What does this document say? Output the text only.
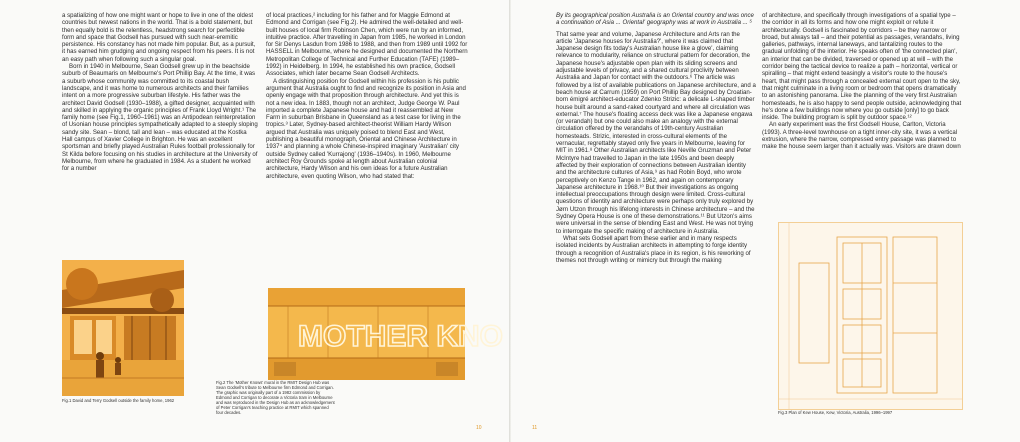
a spatializing of how one might want or hope to live in one of the oldest countries but newest nations in the world. That is a bold statement, but then equally bold is the relentless, headstrong search for perfectible form and space that Godsell has pursued with such near-eremitic persistence. His constancy has not made him popular. But, as a pursuit, it has earned him grudging and ongoing respect from his peers. It is not an easy path when following such a singular goal.

Born in 1940 in Melbourne, Sean Godsell grew up in the beachside suburb of Beaumaris on Melbourne's Port Phillip Bay. At the time, it was a suburb whose community was committed to its coastal bush landscape, and it was home to numerous architects and their families intent on a more progressive suburban lifestyle. His father was the architect David Godsell (1930–1988), a gifted designer, acquainted with and skilled in applying the organic principles of Frank Lloyd Wright.¹ The family home (see Fig.1, 1960–1961) was an Antipodean reinterpretation of Usonian house principles sympathetically adapted to a steeply sloping sandy site. Sean – blond, tall and lean – was educated at the Kostka Hall campus of Xavier College in Brighton. He was an excellent sportsman and briefly played Australian Rules football professionally for St Kilda before focusing on his studies in architecture at the University of Melbourne, from where he graduated in 1984. As a student he worked for a number

of local practices,² including for his father and for Maggie Edmond at Edmond and Corrigan (see Fig.2). He admired the well-detailed and well-built houses of local firm Robinson Chen, which were run by an informed, intuitive practice. After travelling in Japan from 1985, he worked in London for Sir Denys Lasdun from 1986 to 1988, and then from 1989 until 1992 for HASSELL in Melbourne, where he designed and documented the Northern Metropolitan College of Technical and Further Education (TAFE) (1989–1992) in Heidelberg. In 1994, he established his own practice, Godsell Associates, which later became Sean Godsell Architects.

A distinguishing position for Godsell within his profession is his public argument that Australia ought to find and recognize its position in Asia and openly engage with that proposition through architecture. And yet this is not a new idea. In 1883, though not an architect, Judge George W. Paul imported a complete Japanese house and had it reassembled at New Farm in suburban Brisbane in Queensland as a test case for living in the tropics.³ Later, Sydney-based architect-theorist William Hardy Wilson argued that Australia was uniquely poised to blend East and West, publishing a beautiful monograph, Oriental and Chinese Architecture in 1937⁴ and planning a whole Chinese-inspired imaginary 'Australian' city outside Sydney called 'Kurrajong' (1936–1940s). In 1960, Melbourne architect Roy Grounds spoke at length about Australian colonial architecture, Hardy Wilson and his own ideas for a future Australian architecture, even quoting Wilson, who had stated that:

Fig.1 David and Terry Godsell outside the family home, 1962
MOTHER KNO
Fig.2 The 'Mother Knows' mural in the RMIT Design Hub was Sean Godsell's tribute to Melbourne firm Edmond and Corrigan. The graphic was originally part of a 1982 commission by Edmond and Corrigan to decorate a Victoria tram in Melbourne and was reproduced in the Design Hub as an acknowledgement of Peter Corrigan's teaching practice at RMIT which spanned four decades.
10

By its geographical position Australia is an Oriental country and was once a continuation of Asia ... Oriental' geography was at work in Australia ... ⁵

That same year and volume, Japanese Architecture and Arts ran the article 'Japanese houses for Australia?', where it was claimed that Japanese design fits today's Australian house like a glove', claiming relevance to modularity, reliance on structural pattern for decoration, the Japanese house's adjustable open plan with its sliding screens and adjustable levels of privacy, and a shared cultural proclivity between Australia and Japan for contact with the outdoors.⁶ The article was followed by a list of available publications on Japanese architecture, and a beach house at Carrum (1959) on Port Phillip Bay designed by Croatian-born émigré architect-educator Zdenko Strizic: a delicate L-shaped timber house built around a sand-raked courtyard and where all circulation was external.⁷ The house's floating access deck was like a Japanese engawa (or verandah) but one could also make an analogy with the external circulation offered by the verandahs of 19th-century Australian homesteads. Strizic, interested in cross-cultural elements of the vernacular, regrettably stayed only five years in Melbourne, leaving for MIT in 1961.⁸ Other Australian architects like Neville Gruzman and Peter McIntyre had travelled to Japan in the late 1950s and been deeply affected by their exploration of connections between Australian identity and the architecture cultures of Asia,⁹ as had Robin Boyd, who wrote perceptively on Kenzo Tange in 1962, and again on contemporary Japanese architecture in 1968.¹⁰ But their investigations as ongoing intellectual preoccupations through design were limited. Cross-cultural questions of identity and architecture were perhaps only truly explored by Jørn Utzon through his lifelong interests in Chinese architecture – and the Sydney Opera House is one of these demonstrations.¹¹ But Utzon's aims were universal in the sense of blending East and West. He was not trying to interrogate the specific making of architecture in Australia.

What sets Godsell apart from these earlier and in many respects isolated incidents by Australian architects in attempting to forge identity through a recognition of Australia's place in its region, is his reworking of themes not through writing or mimicry but through the making

of architecture, and specifically through investigations of a spatial type – the corridor in all its forms and how one might exploit or refute it architecturally. Godsell is fascinated by corridors – be they narrow or broad, but always tall – and their potential as passages, verandahs, living galleries, pathways, internal laneways, and tantalizing routes to the gradual unfolding of the interior. He speaks often of 'the connected plan', an interior that can be divided, traversed or opened up at will – with the corridor being the tactical device to realize a path – horizontal, vertical or spiralling – that might extend teasingly a visitor's route to the house's heart, that might pass through a concealed external court open to the sky, that might culminate in a living room or bedroom that opens dramatically to an astonishing panorama. Like the planning of the very first Australian homesteads, he is also happy to send people outside, acknowledging that he's done a few buildings now where you go outside [only] to go back inside. The building program is split by outdoor space.¹²

An early experiment was the first Godsell House, Carlton, Victoria (1993). A three-level townhouse on a tight inner-city site, it was a vertical extrusion, where the narrow, compressed entry passage was planned to make the house seem larger than it actually was. Visitors are drawn down

Fig.3 Plan of Kew House, Kew, Victoria, Australia, 1996–1997
11
